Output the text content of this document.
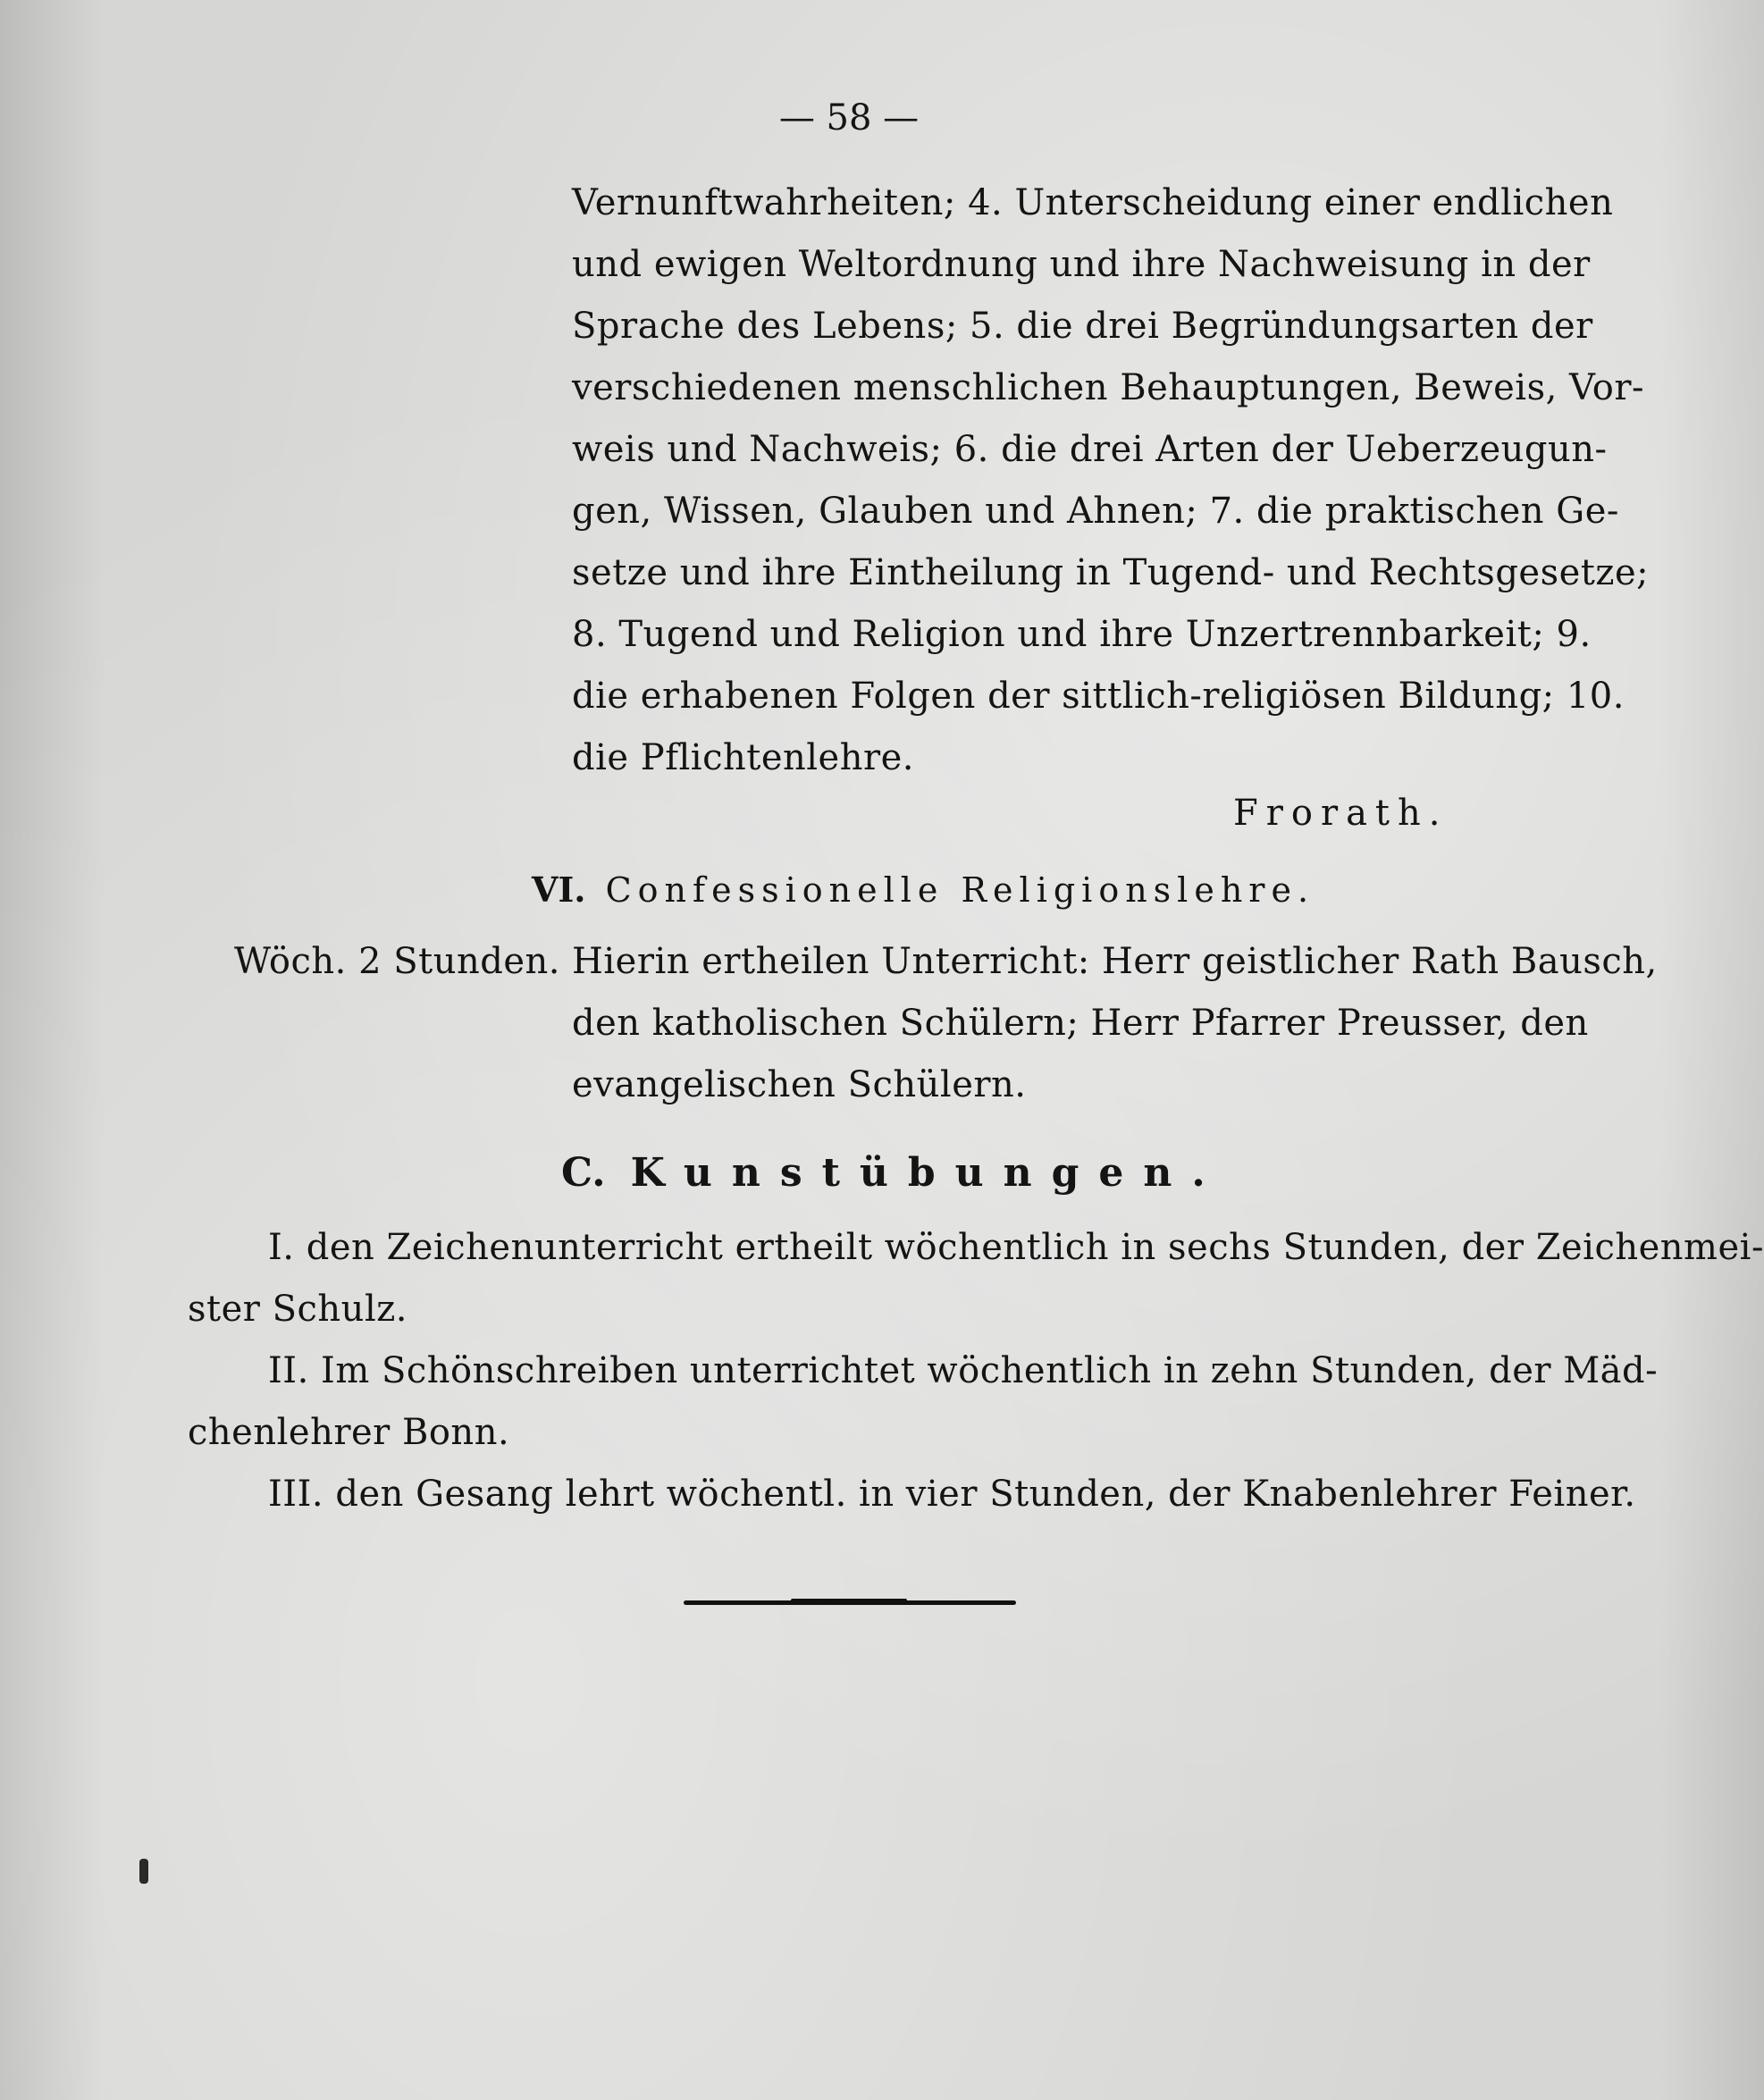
— 58 —
Vernunftwahrheiten; 4. Unterscheidung einer endlichen
und ewigen Weltordnung und ihre Nachweisung in der
Sprache des Lebens; 5. die drei Begründungsarten der
verschiedenen menschlichen Behauptungen, Beweis, Vor-
weis und Nachweis; 6. die drei Arten der Ueberzeugun-
gen, Wissen, Glauben und Ahnen; 7. die praktischen Ge-
setze und ihre Eintheilung in Tugend- und Rechtsgesetze;
8. Tugend und Religion und ihre Unzertrennbarkeit; 9.
die erhabenen Folgen der sittlich-religiösen Bildung; 10.
die Pflichtenlehre.
Frorath.
VI. Confessionelle Religionslehre.
Wöch. 2 Stunden. Hierin ertheilen Unterricht: Herr geistlicher Rath Bausch,
den katholischen Schülern; Herr Pfarrer Preusser, den
evangelischen Schülern.
C. Kunstübungen.
I. den Zeichenunterricht ertheilt wöchentlich in sechs Stunden, der Zeichenmei-
ster Schulz.
II. Im Schönschreiben unterrichtet wöchentlich in zehn Stunden, der Mäd-
chenlehrer Bonn.
III. den Gesang lehrt wöchentl. in vier Stunden, der Knabenlehrer Feiner.
